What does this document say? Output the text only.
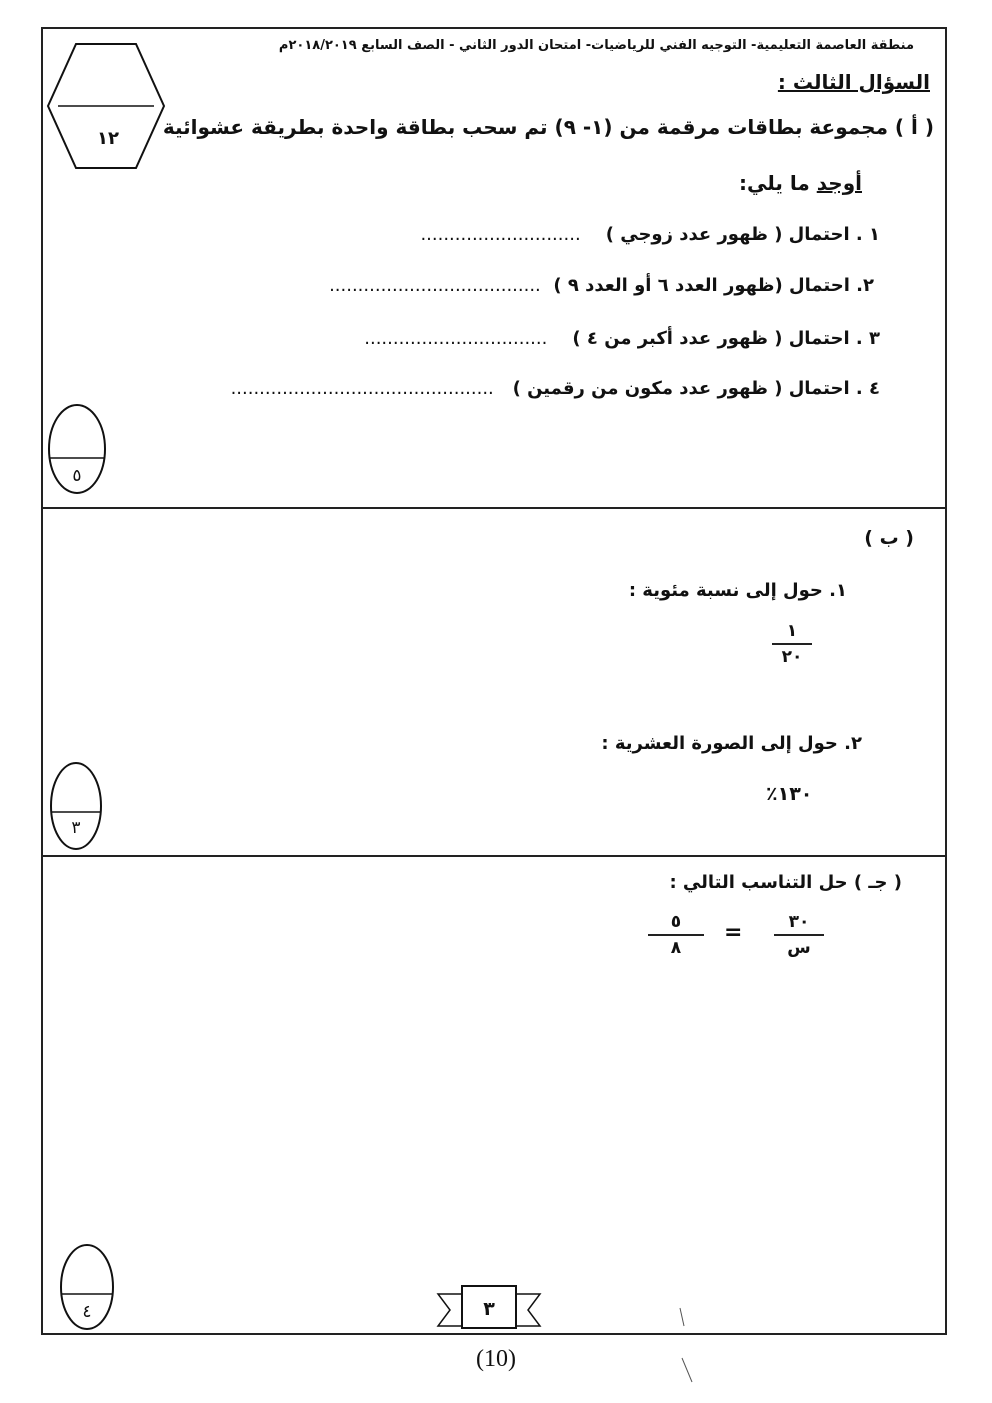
١٢
منطقة العاصمة التعليمية- التوجيه الفني للرياضيات- امتحان الدور الثاني - الصف السابع ٢٠١٨/٢٠١٩م
السؤال الثالث :
( أ ) مجموعة بطاقات مرقمة من (١- ٩) تم سحب بطاقة واحدة بطريقة عشوائية
أوجد ما يلي:
١ . احتمال ( ظهور عدد زوجي )    ............................
٢. احتمال (ظهور العدد ٦ أو العدد ٩ )  .....................................
٣ . احتمال ( ظهور عدد أكبر من ٤ )    ................................
٤ . احتمال ( ظهور عدد مكون من رقمين )   ..............................................
٥
( ب )
١. حول إلى نسبة مئوية :
١
٢٠
٢. حول إلى الصورة العشرية :
٪١٣٠
٣
( جـ ) حل التناسب التالي :
٥
٨
=	٣٠
س
٤	٣
(10)
